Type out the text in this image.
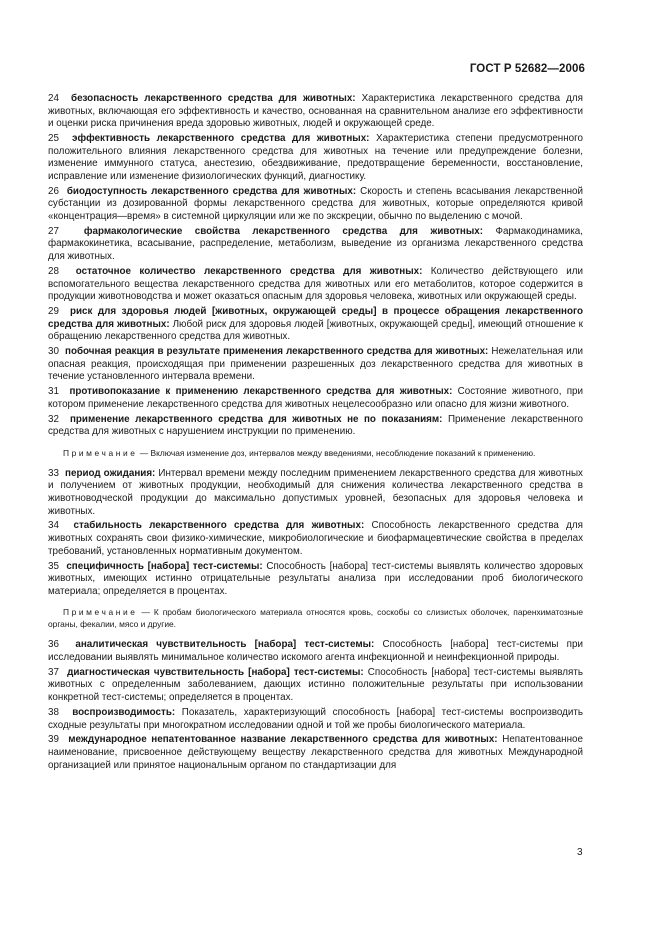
ГОСТ Р 52682—2006

24 безопасность лекарственного средства для животных: Характеристика лекарственного средства для животных, включающая его эффективность и качество, основанная на сравнительном анализе его эффективности и оценки риска причинения вреда здоровью животных, людей и окружающей среде.

25 эффективность лекарственного средства для животных: Характеристика степени предусмотренного положительного влияния лекарственного средства для животных на течение или предупреждение болезни, изменение иммунного статуса, анестезию, обездвиживание, предотвращение беременности, восстановление, исправление или изменение физиологических функций, диагностику.

26 биодоступность лекарственного средства для животных: Скорость и степень всасывания лекарственной субстанции из дозированной формы лекарственного средства для животных, которые определяются кривой «концентрация—время» в системной циркуляции или же по экскреции, обычно по выделению с мочой.

27	фармакологические свойства лекарственного средства для животных: Фармакодинамика, фармакокинетика, всасывание, распределение, метаболизм, выведение из организма лекарственного средства для животных.

28 остаточное количество лекарственного средства для животных: Количество действующего или вспомогательного вещества лекарственного средства для животных или его метаболитов, которое содержится в продукции животноводства и может оказаться опасным для здоровья человека, животных или окружающей среды.

29 риск для здоровья людей [животных, окружающей среды] в процессе обращения лекарственного средства для животных: Любой риск для здоровья людей [животных, окружающей среды], имеющий отношение к обращению лекарственного средства для животных.

30 побочная реакция в результате применения лекарственного средства для животных: Нежелательная или опасная реакция, происходящая при применении разрешенных доз лекарственного средства для животных в течение установленного интервала времени.

31 противопоказание к применению лекарственного средства для животных: Состояние животного, при котором применение лекарственного средства для животных нецелесообразно или опасно для жизни животного.

32 применение лекарственного средства для животных не по показаниям: Применение лекарственного средства для животных с нарушением инструкции по применению.

Примечание — Включая изменение доз, интервалов между введениями, несоблюдение показаний к применению.

33 период ожидания: Интервал времени между последним применением лекарственного средства для животных и получением от животных продукции, необходимый для снижения количества лекарственного средства в животноводческой продукции до максимально допустимых уровней, безопасных для здоровья человека и животных.

34 стабильность лекарственного средства для животных: Способность лекарственного средства для животных сохранять свои физико-химические, микробиологические и биофармацевтические свойства в пределах требований, установленных нормативным документом.

35 специфичность [набора] тест-системы: Способность [набора] тест-системы выявлять количество здоровых животных, имеющих истинно отрицательные результаты анализа при исследовании проб биологического материала; определяется в процентах.

Примечание — К пробам биологического материала относятся кровь, соскобы со слизистых оболочек, паренхиматозные органы, фекалии, мясо и другие.

36 аналитическая чувствительность [набора] тест-системы: Способность [набора] тест-системы при исследовании выявлять минимальное количество искомого агента инфекционной и неинфекционной природы.

37 диагностическая чувствительность [набора] тест-системы: Способность [набора] тест-системы выявлять животных с определенным заболеванием, дающих истинно положительные результаты при использовании конкретной тест-системы; определяется в процентах.

38 воспроизводимость: Показатель, характеризующий способность [набора] тест-системы воспроизводить сходные результаты при многократном исследовании одной и той же пробы биологического материала.

39 международное непатентованное название лекарственного средства для животных: Непатентованное наименование, присвоенное действующему веществу лекарственного средства для животных Международной организацией или принятое национальным органом по стандартизации для

3
